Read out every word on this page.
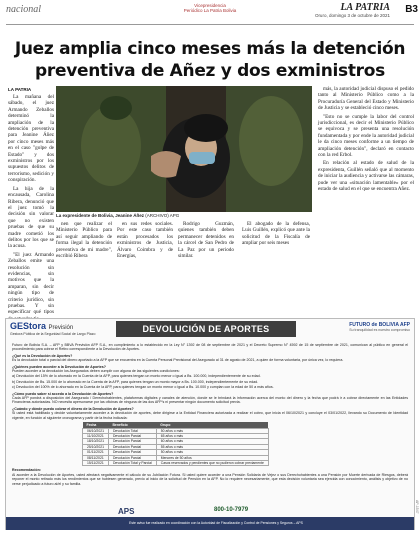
nacional	Vicepresidencia
Periódico La Patria Bolivia	LA PATRIA
Oruro, domingo 3 de octubre de 2021
B3
Juez amplia cinco meses más la detención
preventiva de Añez y dos exministros
LA PATRIA

La mañana del sábado, el juez Armando Zeballos determinó la ampliación de la detención preventiva para Jeanine Áñez por cinco meses más en el caso "golpe de Estado" y dos exministros por los supuestos delitos de terrorismo, sedición y conspiración.

La hija de la encausada, Carolina Ribera, denunció que el juez tomó la decisión sin valorar que no existen pruebas de que su madre cometió los delitos por los que se la acusa.

"El juez Armando Zeballos emite una resolución sin evidencias, sin motivos que la amparan, sin decir ningún tipo de criterio jurídico, sin pruebas. Y sin especificar qué tipos

La expresidente de Bolivia, Jeanine Áñez (ARCHIVO) APG

nen que realizar el Ministerio Público para así seguir ampliando de forma ilegal la detención preventiva de mi madre", escribió Ribera

en sus redes sociales. Por este caso también están procesados los exministros de Justicia, Álvaro Coimbra y de Energías,

Rodrigo Guzmán, quienes también deben permanecer detenidos en la cárcel de San Pedro de La Paz por un periodo similar.

El abogado de la defensa, Luis Guillén, explicó que ante la solicitud de la Fiscalía de ampliar por seis meses

más, la autoridad judicial dispuso el pedido tanto al Ministerio Público como a la Procuraduría General del Estado y Ministerio de Justicia y se estableció cinco meses.

"Esto no se cumple la labor del control jurisdiccional, es decir el Ministerio Público se equivoca y se presenta una resolución fundamentada y por ende la autoridad judicial le da cinco meses conforme a un tiempo de ampliación detención", declaró en contacto con la red Erbol.

En relación al estado de salud de la expresidenta, Guillén señaló que al momento de iniciar la audiencia y activarse las cámaras, pude ver una «situación lamentable» por el estado de salud en el que se encuentra Añez.

GEStora Previsión
Gestora Pública de la Seguridad Social de Largo Plazo	DEVOLUCIÓN DE APORTES	FUTURO de BOLIVIA AFP
Su tranquilidad es nuestro compromiso

Futuro de Bolivia S.A. – AFP y BBVA Previsión AFP S.A., en cumplimiento a lo establecido en la Ley N° 1392 de 08 de septiembre de 2021 y el Decreto Supremo N° 4592 de 15 de septiembre de 2021, comunican al público en general el procedimiento para cobrar el Retiro correspondiente a la Devolución de Aportes.

¿Qué es la Devolución de Aportes?

Es la devolución total o parcial del dinero aportado a la AFP que se encuentra en la Cuenta Personal Previsional del Asegurado al 31 de agosto de 2021, a quien de forma voluntaria, por única vez, lo requiera.

¿Quiénes pueden acceder a la Devolución de Aportes?

Pueden acceder a la devolución los Asegurados deben cumplir con alguna de las siguientes condiciones:

a) Devolución del 15% de lo ahorrado en la Cuenta de la AFP, para quienes tengan un monto menor o igual a Bs. 100.000, independientemente de su edad.

b) Devolución de Bs. 15.000 de lo ahorrado en la Cuenta de la AFP, para quienes tengan un monto mayor a Bs. 100.000, independientemente de su edad.

c) Devolución del 100% de lo ahorrado en la Cuenta de la AFP, para quienes tengan un monto menor o igual a Bs. 10.000 y cumplan con la edad de 50 a más años.

¿Cómo puedo saber si accedo a la Devolución de Aportes?

Cada AFP pondrá a disposición del Asegurado / Derechohabientes, plataformas digitales y canales de atención, donde se le brindará la información acerca del monto del dinero y la fecha que podrá ir a cobrar directamente en las Entidades Financieras autorizadas. NO necesita apersonarse por las oficinas de ninguna de las dos AFP's ni presentar ningún documento solicitud previa.

¿Cuándo y dónde puedo cobrar el dinero de la Devolución de Aportes?

Si usted está habilitado y decide voluntariamente acceder a la devolución de aportes, debe dirigirse a la Entidad Financiera autorizada a realizar el cobro, que inicia el 06/10/2021 y concluye el 03/01/2022, llevando su Documento de Identidad vigente, en función al siguiente cronograma y partir de la fecha indicada:

Fecha	Beneficio	Grupo
06/10/2021	Devolución Total	50 años o más
11/10/2021	Devolución Parcial	65 años o más
18/10/2021	Devolución Parcial	60 años o más
25/10/2021	Devolución Parcial	55 años o más
01/11/2021	Devolución Parcial	50 años o más
08/11/2021	Devolución Parcial	Menores de 50 años
15/11/2021	Devolución Total y Parcial	Casos reservados y pendientes que no pudieron cobrar previamente
Recomendación:

Al acceder a la Devolución de Aportes, usted afectará negativamente el cálculo de su Jubilación Futura. Si usted quiere acceder a una Pensión Solidaria de Vejez o sus Derechohabientes a una Pensión por Muerte derivada de Riesgos, deberá reponer el monto retirado más los rendimientos que se hubiesen generado, previo al inicio de la solicitud de Pensión en la AFP. No lo requiere necesariamente, que esta decisión voluntaria sea ejercida con conocimiento, análisis y objetivo de no verse perjudicado a futuro al/el y su familia.

APS	800-10-7979
Este aviso fue realizado en coordinación con la Autoridad de Fiscalización y Control de Pensiones y Seguros – APS
AP-1547
